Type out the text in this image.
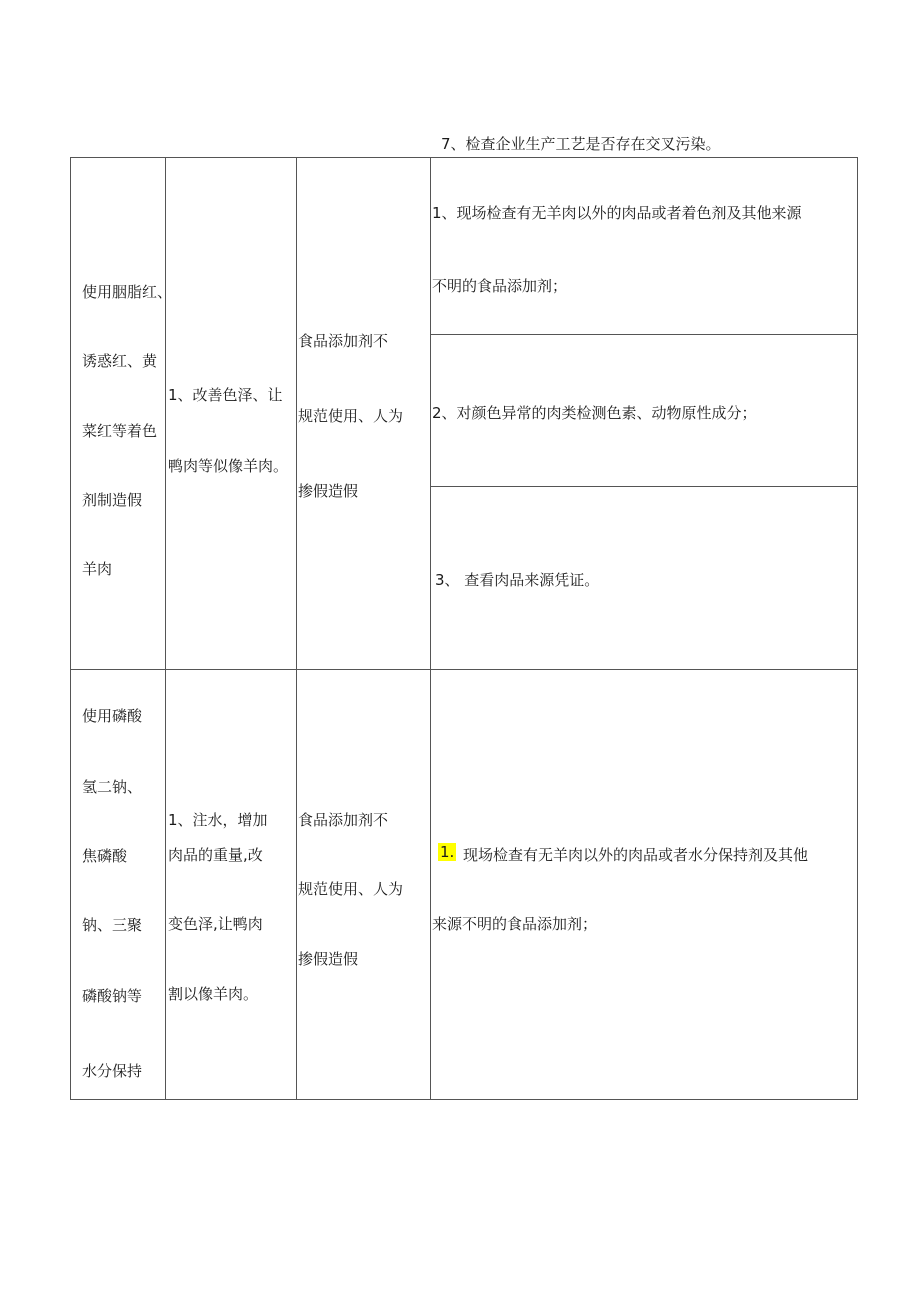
7、检查企业生产工艺是否存在交叉污染。
使用胭脂红、
诱惑红、黄
菜红等着色
剂制造假
羊肉
1、改善色泽、让
鸭肉等似像羊肉。
食品添加剂不
规范使用、人为
掺假造假
1、现场检查有无羊肉以外的肉品或者着色剂及其他来源
不明的食品添加剂；
2、对颜色异常的肉类检测色素、动物原性成分；
3、 查看肉品来源凭证。
使用磷酸
氢二钠、
焦磷酸
钠、三聚
磷酸钠等
水分保持
1、注水，增加
肉品的重量,改
变色泽,让鸭肉
割以像羊肉。
食品添加剂不
规范使用、人为
掺假造假
1. 现场检查有无羊肉以外的肉品或者水分保持剂及其他
来源不明的食品添加剂；
